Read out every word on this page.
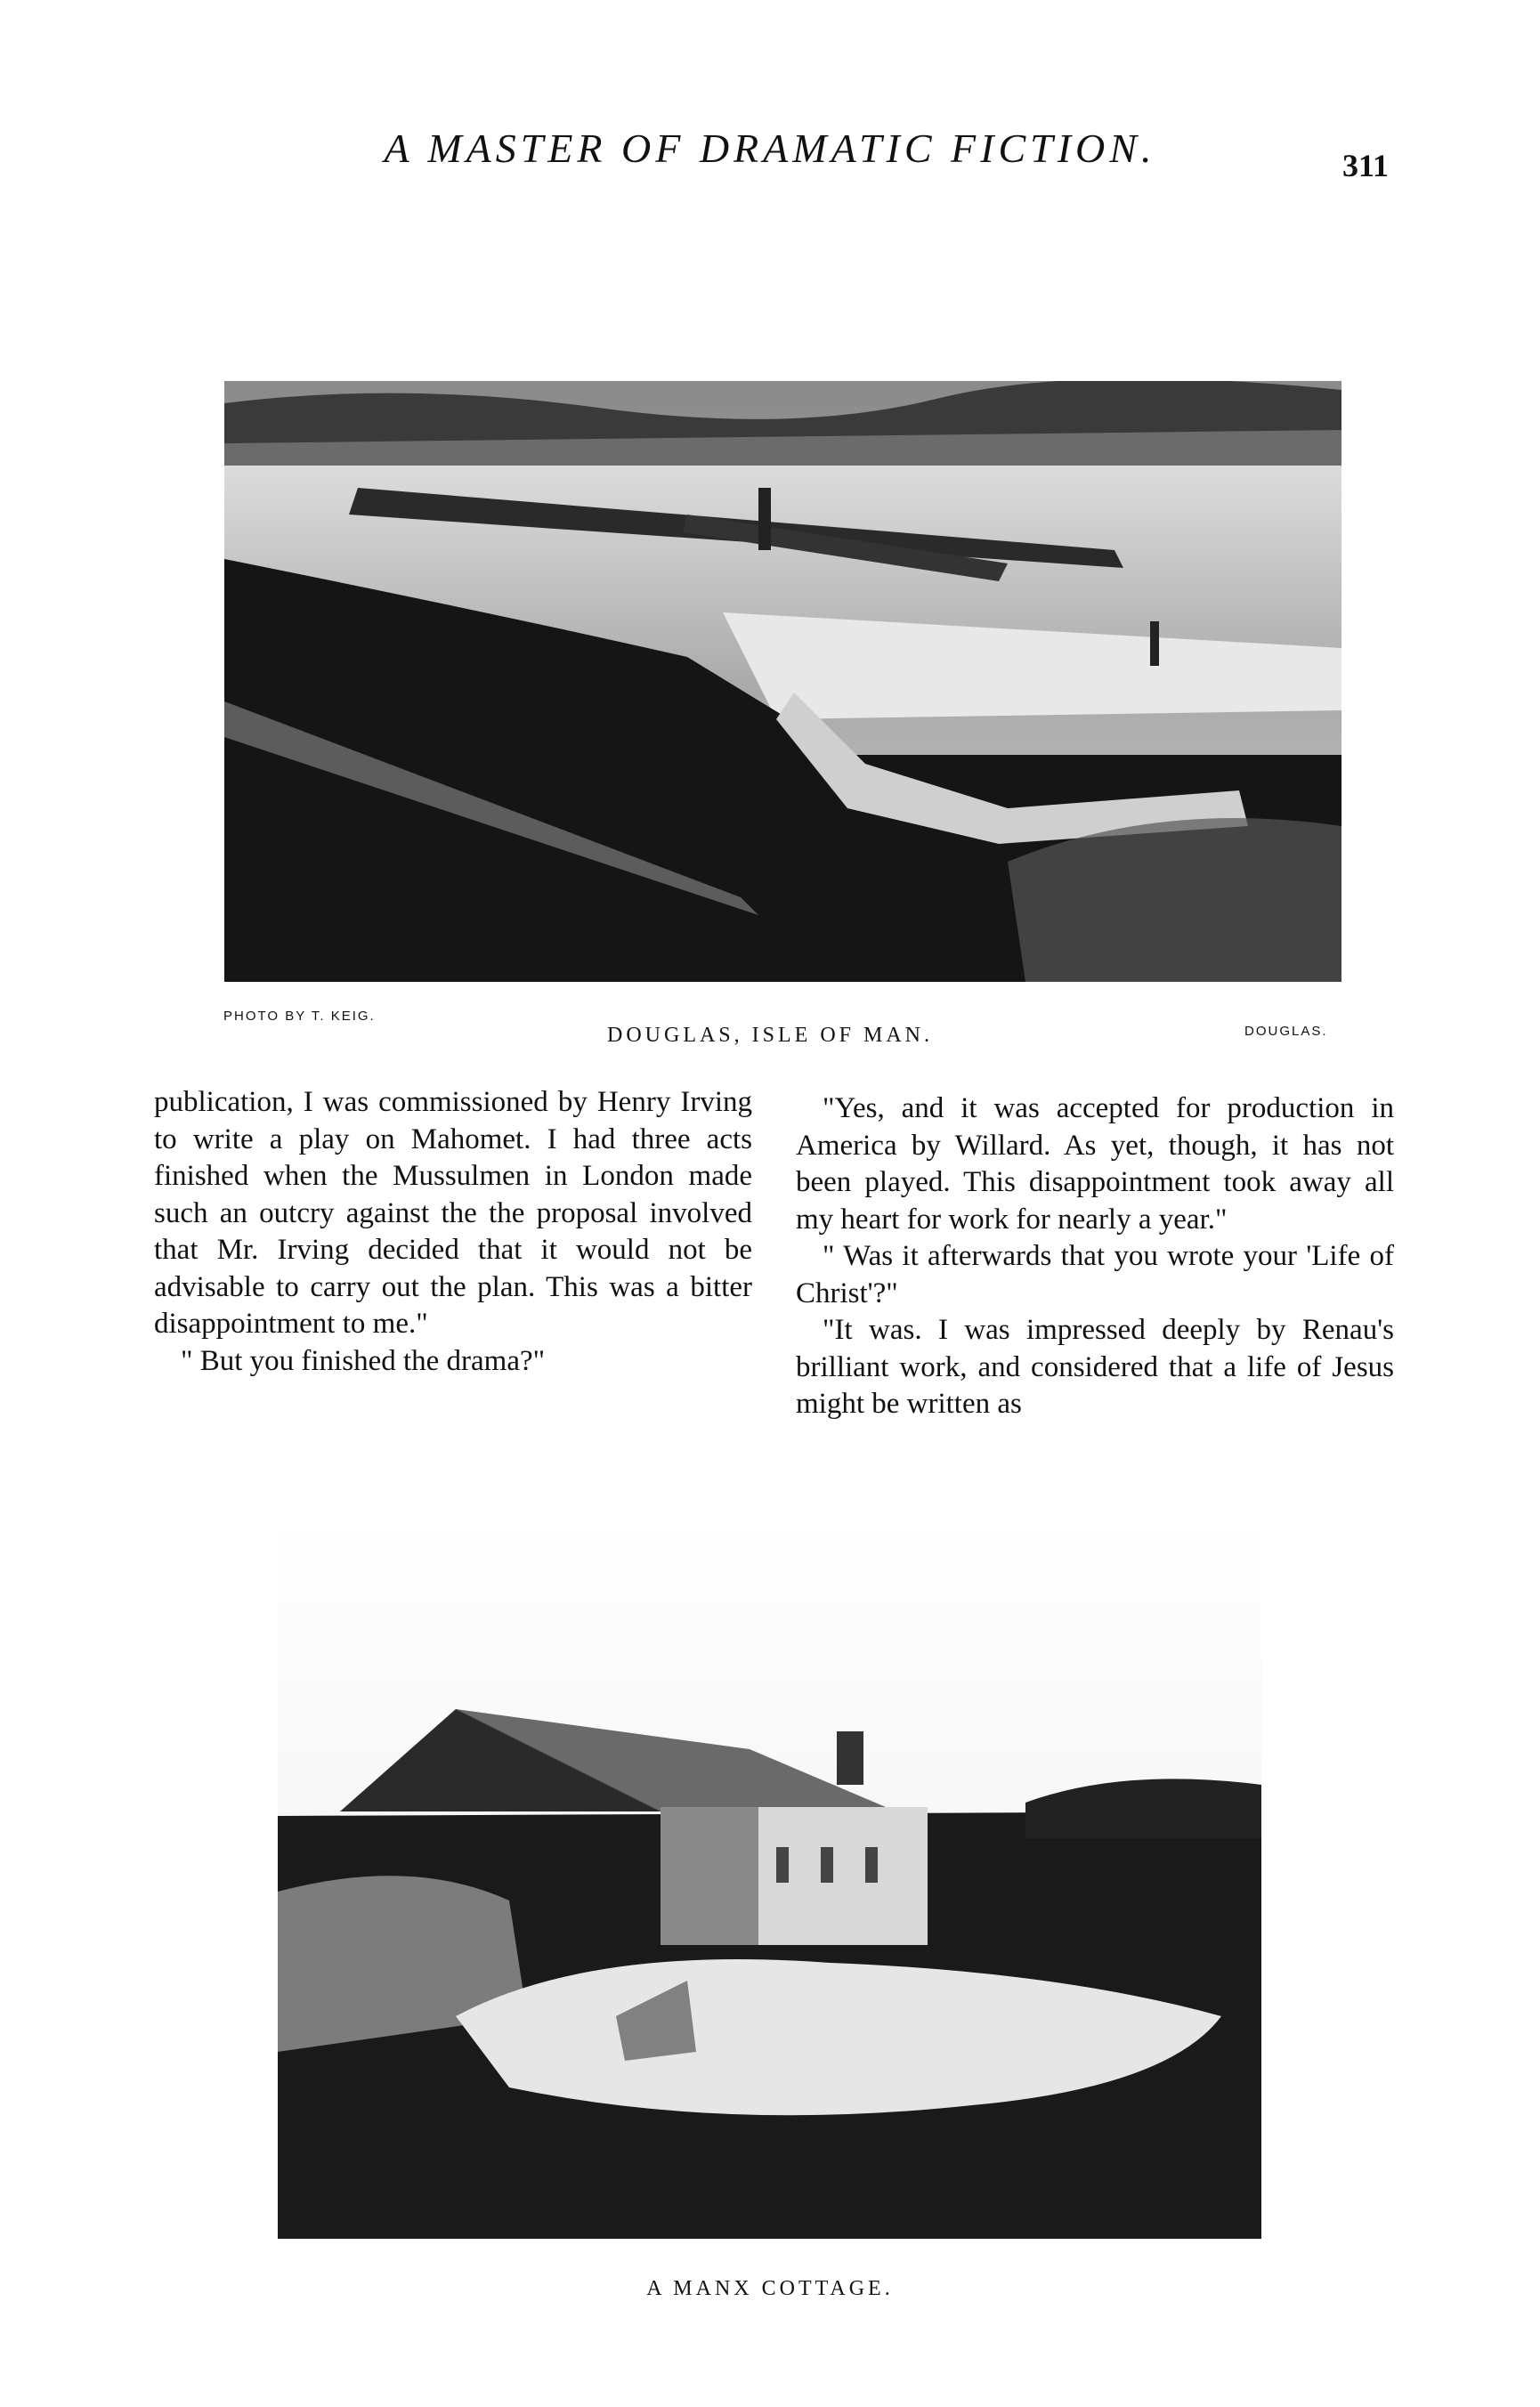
A MASTER OF DRAMATIC FICTION.	311
PHOTO BY T. KEIG.
DOUGLAS, ISLE OF MAN.	DOUGLAS.

publication, I was commissioned by Henry Irving to write a play on Mahomet. I had three acts finished when the Mussulmen in London made such an outcry against the the proposal involved that Mr. Irving decided that it would not be advisable to carry out the plan. This was a bitter disappointment to me."

" But you finished the drama?"

"Yes, and it was accepted for production in America by Willard. As yet, though, it has not been played. This disappointment took away all my heart for work for nearly a year."

" Was it afterwards that you wrote your 'Life of Christ'?"

"It was. I was impressed deeply by Renau's brilliant work, and considered that a life of Jesus might be written as

A MANX COTTAGE.
